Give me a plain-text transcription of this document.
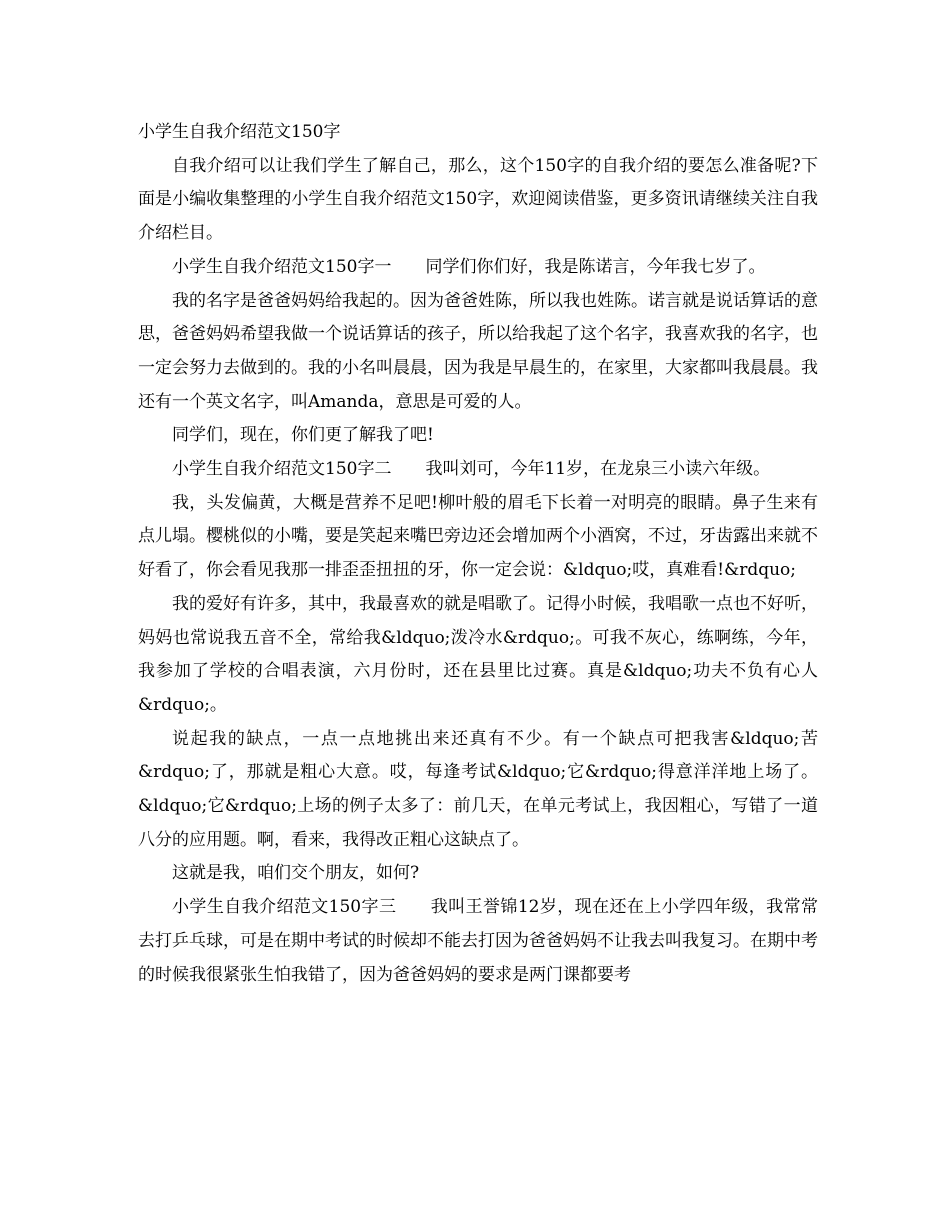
小学生自我介绍范文150字

自我介绍可以让我们学生了解自己，那么，这个150字的自我介绍的要怎么准备呢?下面是小编收集整理的小学生自我介绍范文150字，欢迎阅读借鉴，更多资讯请继续关注自我介绍栏目。

小学生自我介绍范文150字一 同学们你们好，我是陈诺言，今年我七岁了。

我的名字是爸爸妈妈给我起的。因为爸爸姓陈，所以我也姓陈。诺言就是说话算话的意思，爸爸妈妈希望我做一个说话算话的孩子，所以给我起了这个名字，我喜欢我的名字，也一定会努力去做到的。我的小名叫晨晨，因为我是早晨生的，在家里，大家都叫我晨晨。我还有一个英文名字，叫Amanda，意思是可爱的人。

同学们，现在，你们更了解我了吧!

小学生自我介绍范文150字二 我叫刘可，今年11岁，在龙泉三小读六年级。

我，头发偏黄，大概是营养不足吧!柳叶般的眉毛下长着一对明亮的眼睛。鼻子生来有点儿塌。樱桃似的小嘴，要是笑起来嘴巴旁边还会增加两个小酒窝，不过，牙齿露出来就不好看了，你会看见我那一排歪歪扭扭的牙，你一定会说：&ldquo;哎，真难看!&rdquo;

我的爱好有许多，其中，我最喜欢的就是唱歌了。记得小时候，我唱歌一点也不好听，妈妈也常说我五音不全，常给我&ldquo;泼冷水&rdquo;。可我不灰心，练啊练，今年，我参加了学校的合唱表演，六月份时，还在县里比过赛。真是&ldquo;功夫不负有心人&rdquo;。

说起我的缺点，一点一点地挑出来还真有不少。有一个缺点可把我害&ldquo;苦&rdquo;了，那就是粗心大意。哎，每逢考试&ldquo;它&rdquo;得意洋洋地上场了。&ldquo;它&rdquo;上场的例子太多了：前几天，在单元考试上，我因粗心，写错了一道八分的应用题。啊，看来，我得改正粗心这缺点了。

这就是我，咱们交个朋友，如何?

小学生自我介绍范文150字三 我叫王誉锦12岁，现在还在上小学四年级，我常常去打乒乓球，可是在期中考试的时候却不能去打因为爸爸妈妈不让我去叫我复习。在期中考的时候我很紧张生怕我错了，因为爸爸妈妈的要求是两门课都要考
